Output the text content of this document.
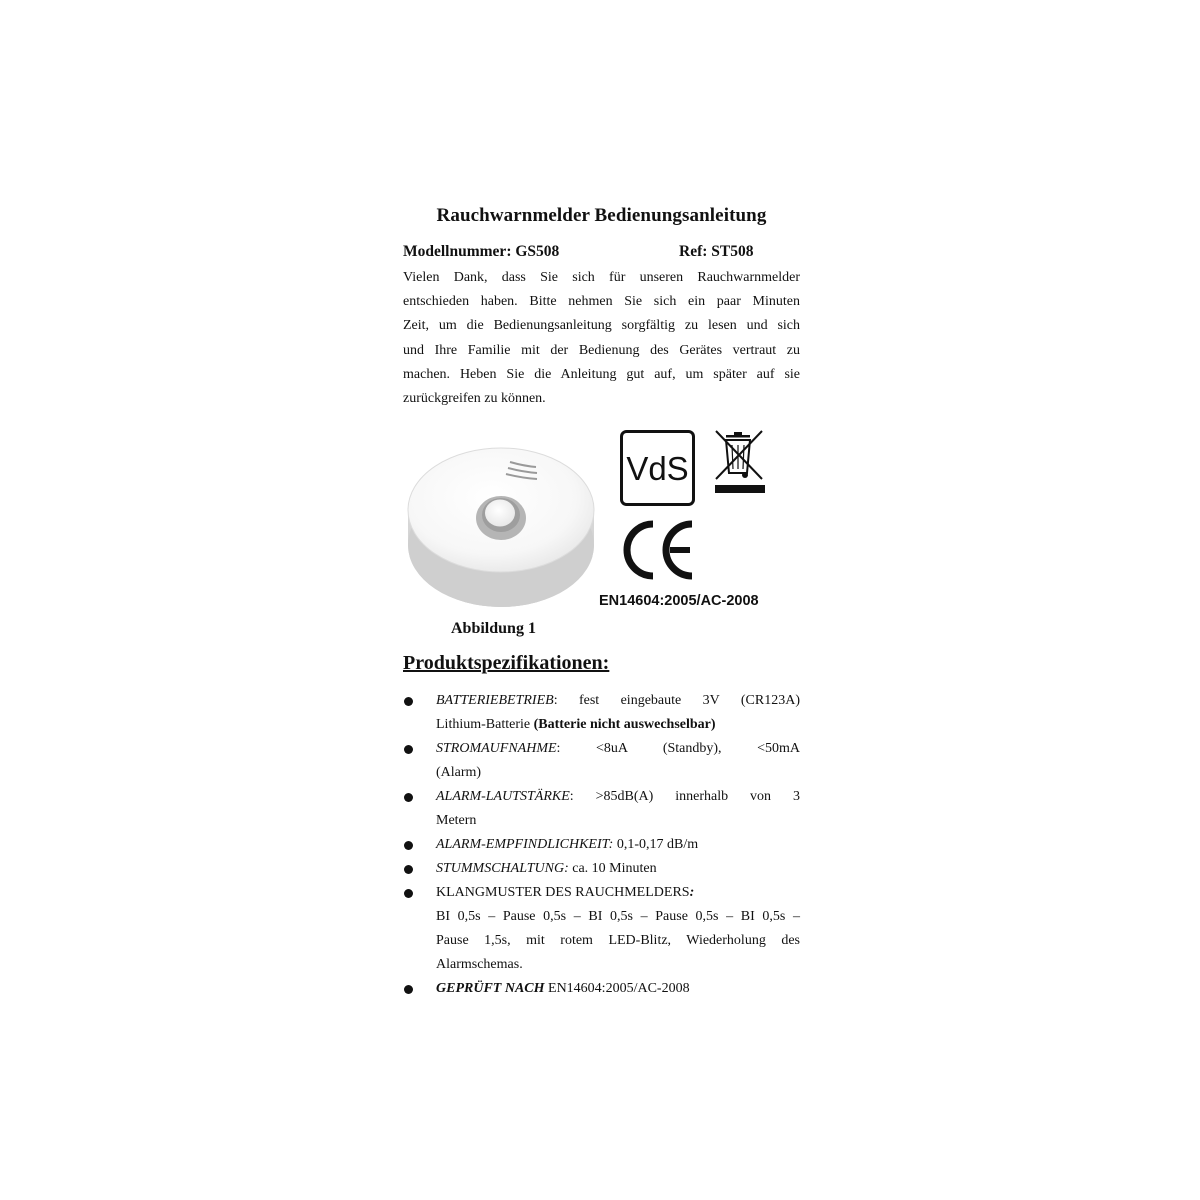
Rauchwarnmelder Bedienungsanleitung
Modellnummer: GS508	Ref: ST508
Vielen Dank, dass Sie sich für unseren Rauchwarnmelder
entschieden haben. Bitte nehmen Sie sich ein paar Minuten
Zeit, um die Bedienungsanleitung sorgfältig zu lesen und sich
und Ihre Familie mit der Bedienung des Gerätes vertraut zu
machen. Heben Sie die Anleitung gut auf, um später auf sie
zurückgreifen zu können.
Abbildung 1
VdS
EN14604:2005/AC-2008
Produktspezifikationen:
BATTERIEBETRIEB: fest eingebaute 3V (CR123A)
Lithium-Batterie (Batterie nicht auswechselbar)
STROMAUFNAHME: <8uA (Standby), <50mA
(Alarm)
ALARM-LAUTSTÄRKE: >85dB(A) innerhalb von 3
Metern
ALARM-EMPFINDLICHKEIT: 0,1-0,17 dB/m
STUMMSCHALTUNG: ca. 10 Minuten
KLANGMUSTER DES RAUCHMELDERS:
BI 0,5s – Pause 0,5s – BI 0,5s – Pause 0,5s – BI 0,5s –
Pause 1,5s, mit rotem LED-Blitz, Wiederholung des
Alarmschemas.
GEPRÜFT NACH EN14604:2005/AC-2008
